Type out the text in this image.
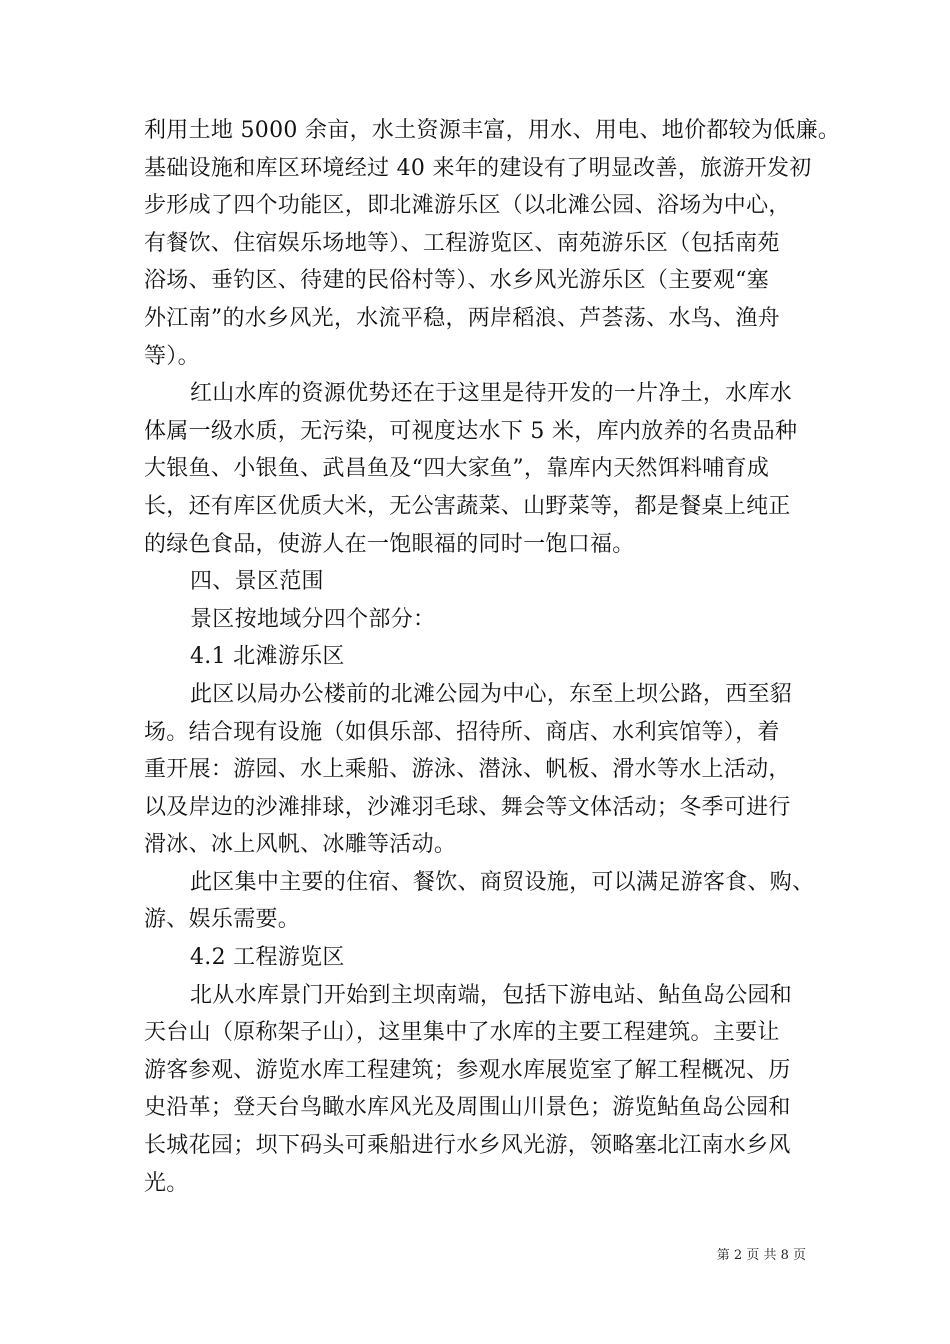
利用土地 5000 余亩，水土资源丰富，用水、用电、地价都较为低廉。
基础设施和库区环境经过 40 来年的建设有了明显改善，旅游开发初
步形成了四个功能区，即北滩游乐区（以北滩公园、浴场为中心，
有餐饮、住宿娱乐场地等）、工程游览区、南苑游乐区（包括南苑
浴场、垂钓区、待建的民俗村等）、水乡风光游乐区（主要观“塞
外江南”的水乡风光，水流平稳，两岸稻浪、芦荟荡、水鸟、渔舟
等）。
红山水库的资源优势还在于这里是待开发的一片净土，水库水
体属一级水质，无污染，可视度达水下 5 米，库内放养的名贵品种
大银鱼、小银鱼、武昌鱼及“四大家鱼”，靠库内天然饵料哺育成
长，还有库区优质大米，无公害蔬菜、山野菜等，都是餐桌上纯正
的绿色食品，使游人在一饱眼福的同时一饱口福。
四、景区范围
景区按地域分四个部分：
4.1 北滩游乐区
此区以局办公楼前的北滩公园为中心，东至上坝公路，西至貂
场。结合现有设施（如俱乐部、招待所、商店、水利宾馆等），着
重开展：游园、水上乘船、游泳、潜泳、帆板、滑水等水上活动，
以及岸边的沙滩排球，沙滩羽毛球、舞会等文体活动；冬季可进行
滑冰、冰上风帆、冰雕等活动。
此区集中主要的住宿、餐饮、商贸设施，可以满足游客食、购、
游、娱乐需要。
4.2 工程游览区
北从水库景门开始到主坝南端，包括下游电站、鲇鱼岛公园和
天台山（原称架子山），这里集中了水库的主要工程建筑。主要让
游客参观、游览水库工程建筑；参观水库展览室了解工程概况、历
史沿革；登天台鸟瞰水库风光及周围山川景色；游览鲇鱼岛公园和
长城花园；坝下码头可乘船进行水乡风光游，领略塞北江南水乡风
光。
第 2 页 共 8 页
